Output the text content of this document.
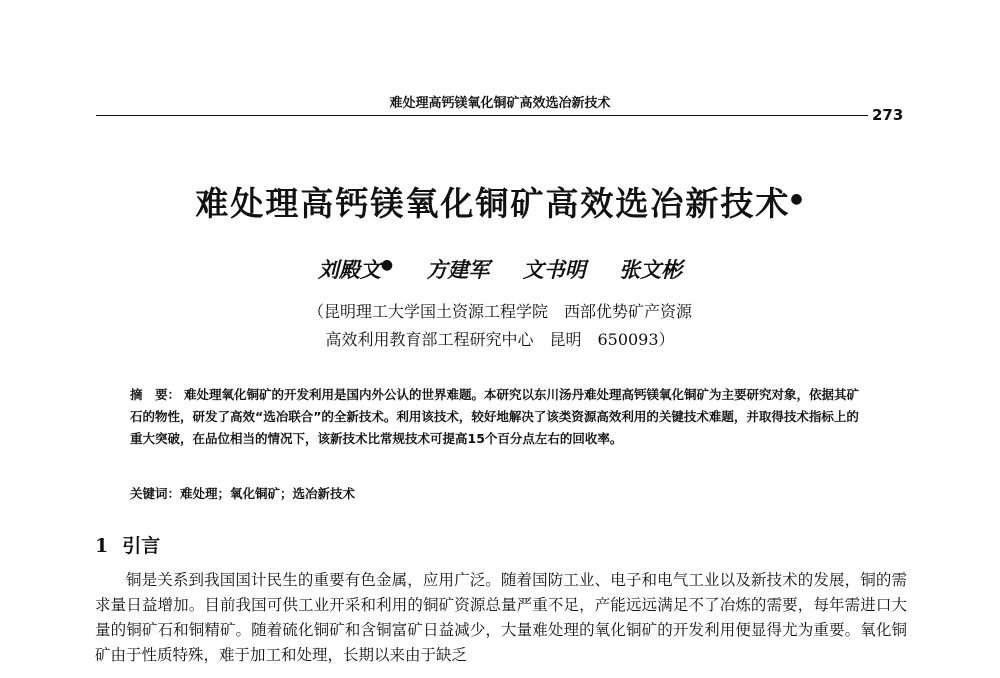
难处理高钙镁氧化铜矿高效选冶新技术
273
难处理高钙镁氧化铜矿高效选冶新技术●
刘殿文● 方建军 文书明 张文彬
（昆明理工大学国土资源工程学院　西部优势矿产资源
高效利用教育部工程研究中心　昆明　650093）
摘　要： 难处理氧化铜矿的开发利用是国内外公认的世界难题。本研究以东川汤丹难处理高钙镁氧化铜矿为主要研究对象，依据其矿石的物性，研发了高效“选冶联合”的全新技术。利用该技术，较好地解决了该类资源高效利用的关键技术难题，并取得技术指标上的重大突破，在品位相当的情况下，该新技术比常规技术可提高15个百分点左右的回收率。
关键词：难处理；氧化铜矿；选冶新技术
1 引言
铜是关系到我国国计民生的重要有色金属，应用广泛。随着国防工业、电子和电气工业以及新技术的发展，铜的需求量日益增加。目前我国可供工业开采和利用的铜矿资源总量严重不足，产能远远满足不了冶炼的需要，每年需进口大量的铜矿石和铜精矿。随着硫化铜矿和含铜富矿日益减少，大量难处理的氧化铜矿的开发利用便显得尤为重要。氧化铜矿由于性质特殊，难于加工和处理，长期以来由于缺乏
